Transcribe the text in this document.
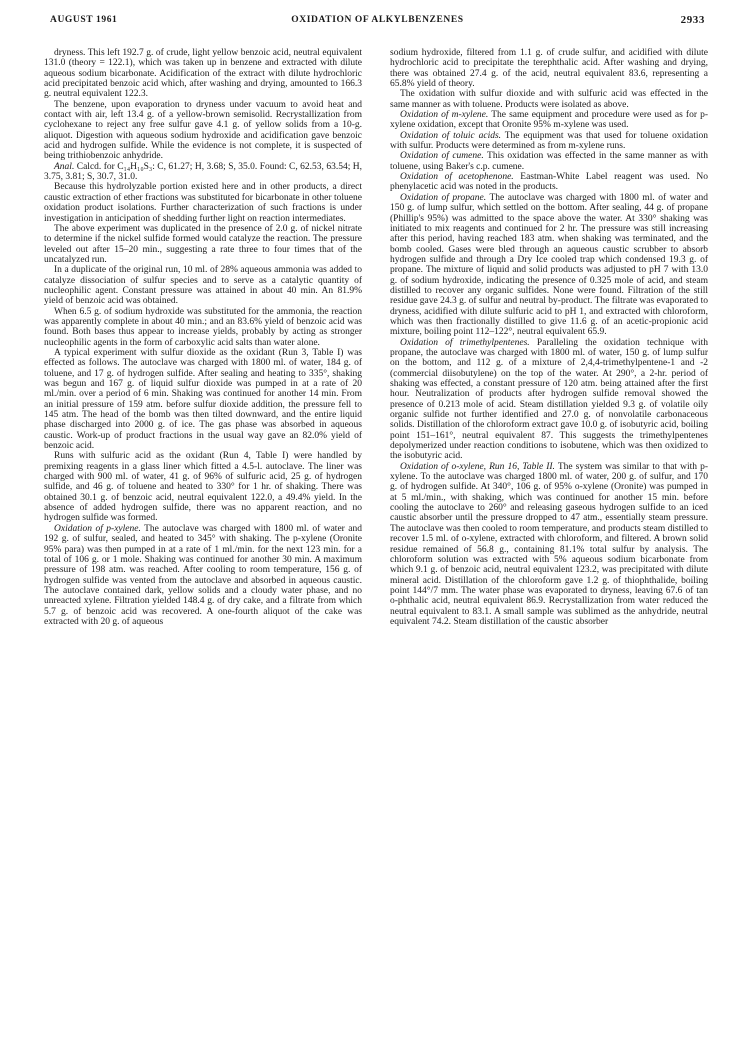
AUGUST 1961	OXIDATION OF ALKYLBENZENES	2933

dryness. This left 192.7 g. of crude, light yellow benzoic acid, neutral equivalent 131.0 (theory = 122.1), which was taken up in benzene and extracted with dilute aqueous sodium bicarbonate. Acidification of the extract with dilute hydrochloric acid precipitated benzoic acid which, after washing and drying, amounted to 166.3 g. neutral equivalent 122.3.

The benzene, upon evaporation to dryness under vacuum to avoid heat and contact with air, left 13.4 g. of a yellow-brown semisolid. Recrystallization from cyclohexane to reject any free sulfur gave 4.1 g. of yellow solids from a 10-g. aliquot. Digestion with aqueous sodium hydroxide and acidification gave benzoic acid and hydrogen sulfide. While the evidence is not complete, it is suspected of being trithiobenzoic anhydride.

Anal. Calcd. for C₁₄H₁₀S₃: C, 61.27; H, 3.68; S, 35.0. Found: C, 62.53, 63.54; H, 3.75, 3.81; S, 30.7, 31.0.

Because this hydrolyzable portion existed here and in other products, a direct caustic extraction of ether fractions was substituted for bicarbonate in other toluene oxidation product isolations. Further characterization of such fractions is under investigation in anticipation of shedding further light on reaction intermediates.

The above experiment was duplicated in the presence of 2.0 g. of nickel nitrate to determine if the nickel sulfide formed would catalyze the reaction. The pressure leveled out after 15–20 min., suggesting a rate three to four times that of the uncatalyzed run.

In a duplicate of the original run, 10 ml. of 28% aqueous ammonia was added to catalyze dissociation of sulfur species and to serve as a catalytic quantity of nucleophilic agent. Constant pressure was attained in about 40 min. An 81.9% yield of benzoic acid was obtained.

When 6.5 g. of sodium hydroxide was substituted for the ammonia, the reaction was apparently complete in about 40 min.; and an 83.6% yield of benzoic acid was found. Both bases thus appear to increase yields, probably by acting as stronger nucleophilic agents in the form of carboxylic acid salts than water alone.

A typical experiment with sulfur dioxide as the oxidant (Run 3, Table I) was effected as follows. The autoclave was charged with 1800 ml. of water, 184 g. of toluene, and 17 g. of hydrogen sulfide. After sealing and heating to 335°, shaking was begun and 167 g. of liquid sulfur dioxide was pumped in at a rate of 20 ml./min. over a period of 6 min. Shaking was continued for another 14 min. From an initial pressure of 159 atm. before sulfur dioxide addition, the pressure fell to 145 atm. The head of the bomb was then tilted downward, and the entire liquid phase discharged into 2000 g. of ice. The gas phase was absorbed in aqueous caustic. Work-up of product fractions in the usual way gave an 82.0% yield of benzoic acid.

Runs with sulfuric acid as the oxidant (Run 4, Table I) were handled by premixing reagents in a glass liner which fitted a 4.5-l. autoclave. The liner was charged with 900 ml. of water, 41 g. of 96% of sulfuric acid, 25 g. of hydrogen sulfide, and 46 g. of toluene and heated to 330° for 1 hr. of shaking. There was obtained 30.1 g. of benzoic acid, neutral equivalent 122.0, a 49.4% yield. In the absence of added hydrogen sulfide, there was no apparent reaction, and no hydrogen sulfide was formed.

Oxidation of p-xylene. The autoclave was charged with 1800 ml. of water and 192 g. of sulfur, sealed, and heated to 345° with shaking. The p-xylene (Oronite 95% para) was then pumped in at a rate of 1 ml./min. for the next 123 min. for a total of 106 g. or 1 mole. Shaking was continued for another 30 min. A maximum pressure of 198 atm. was reached. After cooling to room temperature, 156 g. of hydrogen sulfide was vented from the autoclave and absorbed in aqueous caustic. The autoclave contained dark, yellow solids and a cloudy water phase, and no unreacted xylene. Filtration yielded 148.4 g. of dry cake, and a filtrate from which 5.7 g. of benzoic acid was recovered. A one-fourth aliquot of the cake was extracted with 20 g. of aqueous

sodium hydroxide, filtered from 1.1 g. of crude sulfur, and acidified with dilute hydrochloric acid to precipitate the terephthalic acid. After washing and drying, there was obtained 27.4 g. of the acid, neutral equivalent 83.6, representing a 65.8% yield of theory.

The oxidation with sulfur dioxide and with sulfuric acid was effected in the same manner as with toluene. Products were isolated as above.

Oxidation of m-xylene. The same equipment and procedure were used as for p-xylene oxidation, except that Oronite 95% m-xylene was used.

Oxidation of toluic acids. The equipment was that used for toluene oxidation with sulfur. Products were determined as from m-xylene runs.

Oxidation of cumene. This oxidation was effected in the same manner as with toluene, using Baker's c.p. cumene.

Oxidation of acetophenone. Eastman-White Label reagent was used. No phenylacetic acid was noted in the products.

Oxidation of propane. The autoclave was charged with 1800 ml. of water and 150 g. of lump sulfur, which settled on the bottom. After sealing, 44 g. of propane (Phillip's 95%) was admitted to the space above the water. At 330° shaking was initiated to mix reagents and continued for 2 hr. The pressure was still increasing after this period, having reached 183 atm. when shaking was terminated, and the bomb cooled. Gases were bled through an aqueous caustic scrubber to absorb hydrogen sulfide and through a Dry Ice cooled trap which condensed 19.3 g. of propane. The mixture of liquid and solid products was adjusted to pH 7 with 13.0 g. of sodium hydroxide, indicating the presence of 0.325 mole of acid, and steam distilled to recover any organic sulfides. None were found. Filtration of the still residue gave 24.3 g. of sulfur and neutral by-product. The filtrate was evaporated to dryness, acidified with dilute sulfuric acid to pH 1, and extracted with chloroform, which was then fractionally distilled to give 11.6 g. of an acetic-propionic acid mixture, boiling point 112–122°, neutral equivalent 65.9.

Oxidation of trimethylpentenes. Paralleling the oxidation technique with propane, the autoclave was charged with 1800 ml. of water, 150 g. of lump sulfur on the bottom, and 112 g. of a mixture of 2,4,4-trimethylpentene-1 and -2 (commercial diisobutylene) on the top of the water. At 290°, a 2-hr. period of shaking was effected, a constant pressure of 120 atm. being attained after the first hour. Neutralization of products after hydrogen sulfide removal showed the presence of 0.213 mole of acid. Steam distillation yielded 9.3 g. of volatile oily organic sulfide not further identified and 27.0 g. of nonvolatile carbonaceous solids. Distillation of the chloroform extract gave 10.0 g. of isobutyric acid, boiling point 151–161°, neutral equivalent 87. This suggests the trimethylpentenes depolymerized under reaction conditions to isobutene, which was then oxidized to the isobutyric acid.

Oxidation of o-xylene, Run 16, Table II. The system was similar to that with p-xylene. To the autoclave was charged 1800 ml. of water, 200 g. of sulfur, and 170 g. of hydrogen sulfide. At 340°, 106 g. of 95% o-xylene (Oronite) was pumped in at 5 ml./min., with shaking, which was continued for another 15 min. before cooling the autoclave to 260° and releasing gaseous hydrogen sulfide to an iced caustic absorber until the pressure dropped to 47 atm., essentially steam pressure. The autoclave was then cooled to room temperature, and products steam distilled to recover 1.5 ml. of o-xylene, extracted with chloroform, and filtered. A brown solid residue remained of 56.8 g., containing 81.1% total sulfur by analysis. The chloroform solution was extracted with 5% aqueous sodium bicarbonate from which 9.1 g. of benzoic acid, neutral equivalent 123.2, was precipitated with dilute mineral acid. Distillation of the chloroform gave 1.2 g. of thiophthalide, boiling point 144°/7 mm. The water phase was evaporated to dryness, leaving 67.6 of tan o-phthalic acid, neutral equivalent 86.9. Recrystallization from water reduced the neutral equivalent to 83.1. A small sample was sublimed as the anhydride, neutral equivalent 74.2. Steam distillation of the caustic absorber
